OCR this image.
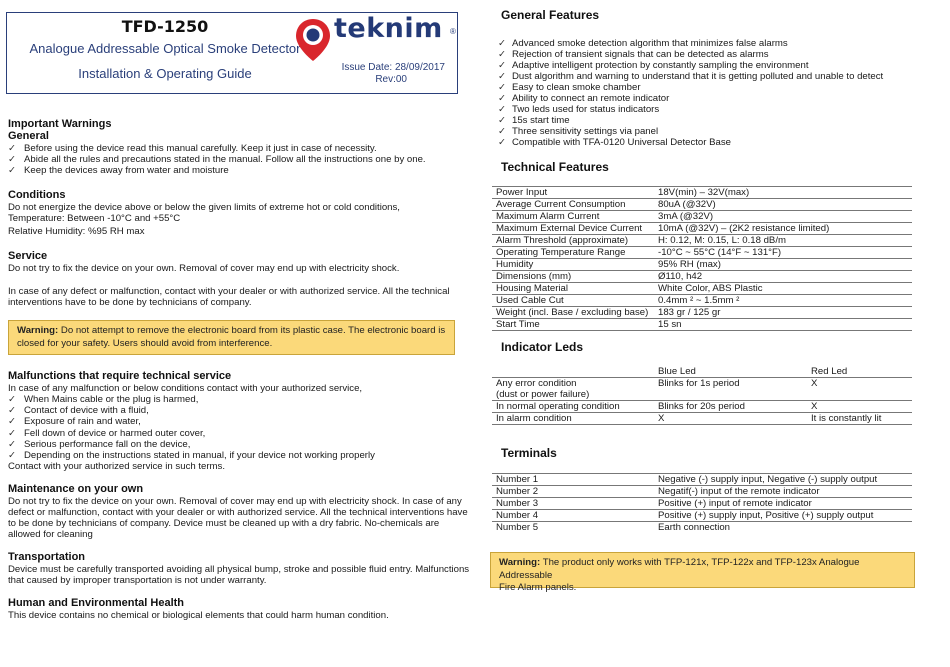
TFD-1250
Analogue Addressable Optical Smoke Detector
Installation & Operating Guide
teknim ®
Issue Date: 28/09/2017
Rev:00
Important Warnings
General
✓ Before using the device read this manual carefully. Keep it just in case of necessity.
✓ Abide all the rules and precautions stated in the manual. Follow all the instructions one by one.
✓ Keep the devices away from water and moisture
Conditions
Do not energize the device above or below the given limits of extreme hot or cold conditions,
Temperature: Between -10°C and +55°C
Relative Humidity: %95 RH max
Service
Do not try to fix the device on your own. Removal of cover may end up with electricity shock.
In case of any defect or malfunction, contact with your dealer or with authorized service. All the technical
interventions have to be done by technicians of company.
Warning: Do not attempt to remove the electronic board from its plastic case. The electronic board is
closed for your safety. Users should avoid from interference.
Malfunctions that require technical service
In case of any malfunction or below conditions contact with your authorized service,
✓ When Mains cable or the plug is harmed,
✓ Contact of device with a fluid,
✓ Exposure of rain and water,
✓ Fell down of device or harmed outer cover,
✓ Serious performance fall on the device,
✓ Depending on the instructions stated in manual, if your device not working properly
Contact with your authorized service in such terms.
Maintenance on your own
Do not try to fix the device on your own. Removal of cover may end up with electricity shock. In case of any
defect or malfunction, contact with your dealer or with authorized service. All the technical interventions have
to be done by technicians of company. Device must be cleaned up with a dry fabric. No-chemicals are
allowed for cleaning
Transportation
Device must be carefully transported avoiding all physical bump, stroke and possible fluid entry. Malfunctions
that caused by improper transportation is not under warranty.
Human and Environmental Health
This device contains no chemical or biological elements that could harm human condition.
General Features
✓ Advanced smoke detection algorithm that minimizes false alarms
✓ Rejection of transient signals that can be detected as alarms
✓ Adaptive intelligent protection by constantly sampling the environment
✓ Dust algorithm and warning to understand that it is getting polluted and unable to detect
✓ Easy to clean smoke chamber
✓ Ability to connect an remote indicator
✓ Two leds used for status indicators
✓ 15s start time
✓ Three sensitivity settings via panel
✓ Compatible with TFA-0120 Universal Detector Base
Technical Features
Power Input	18V(min) – 32V(max)
Average Current Consumption	80uA (@32V)
Maximum Alarm Current	3mA (@32V)
Maximum External Device Current	10mA (@32V) – (2K2 resistance limited)
Alarm Threshold (approximate)	H: 0.12, M: 0.15, L: 0.18 dB/m
Operating Temperature Range	-10°C ~ 55°C (14°F ~ 131°F)
Humidity	95% RH (max)
Dimensions (mm)	Ø110, h42
Housing Material	White Color, ABS Plastic
Used Cable Cut	0.4mm ² ~ 1.5mm ²
Weight (incl. Base / excluding base)	183 gr / 125 gr
Start Time	15 sn
Indicator Leds
	Blue Led	Red Led

Any error condition
(dust or power failure)	Blinks for 1s period	X
In normal operating condition	Blinks for 20s period	X
In alarm condition	X	It is constantly lit
Terminals
Number 1	Negative (-) supply input, Negative (-) supply output
Number 2	Negatif(-) input of the remote indicator
Number 3	Positive (+) input of remote indicator
Number 4	Positive (+) supply input, Positive (+) supply output
Number 5	Earth connection
Warning: The product only works with TFP-121x, TFP-122x and TFP-123x Analogue Addressable
Fire Alarm panels.
